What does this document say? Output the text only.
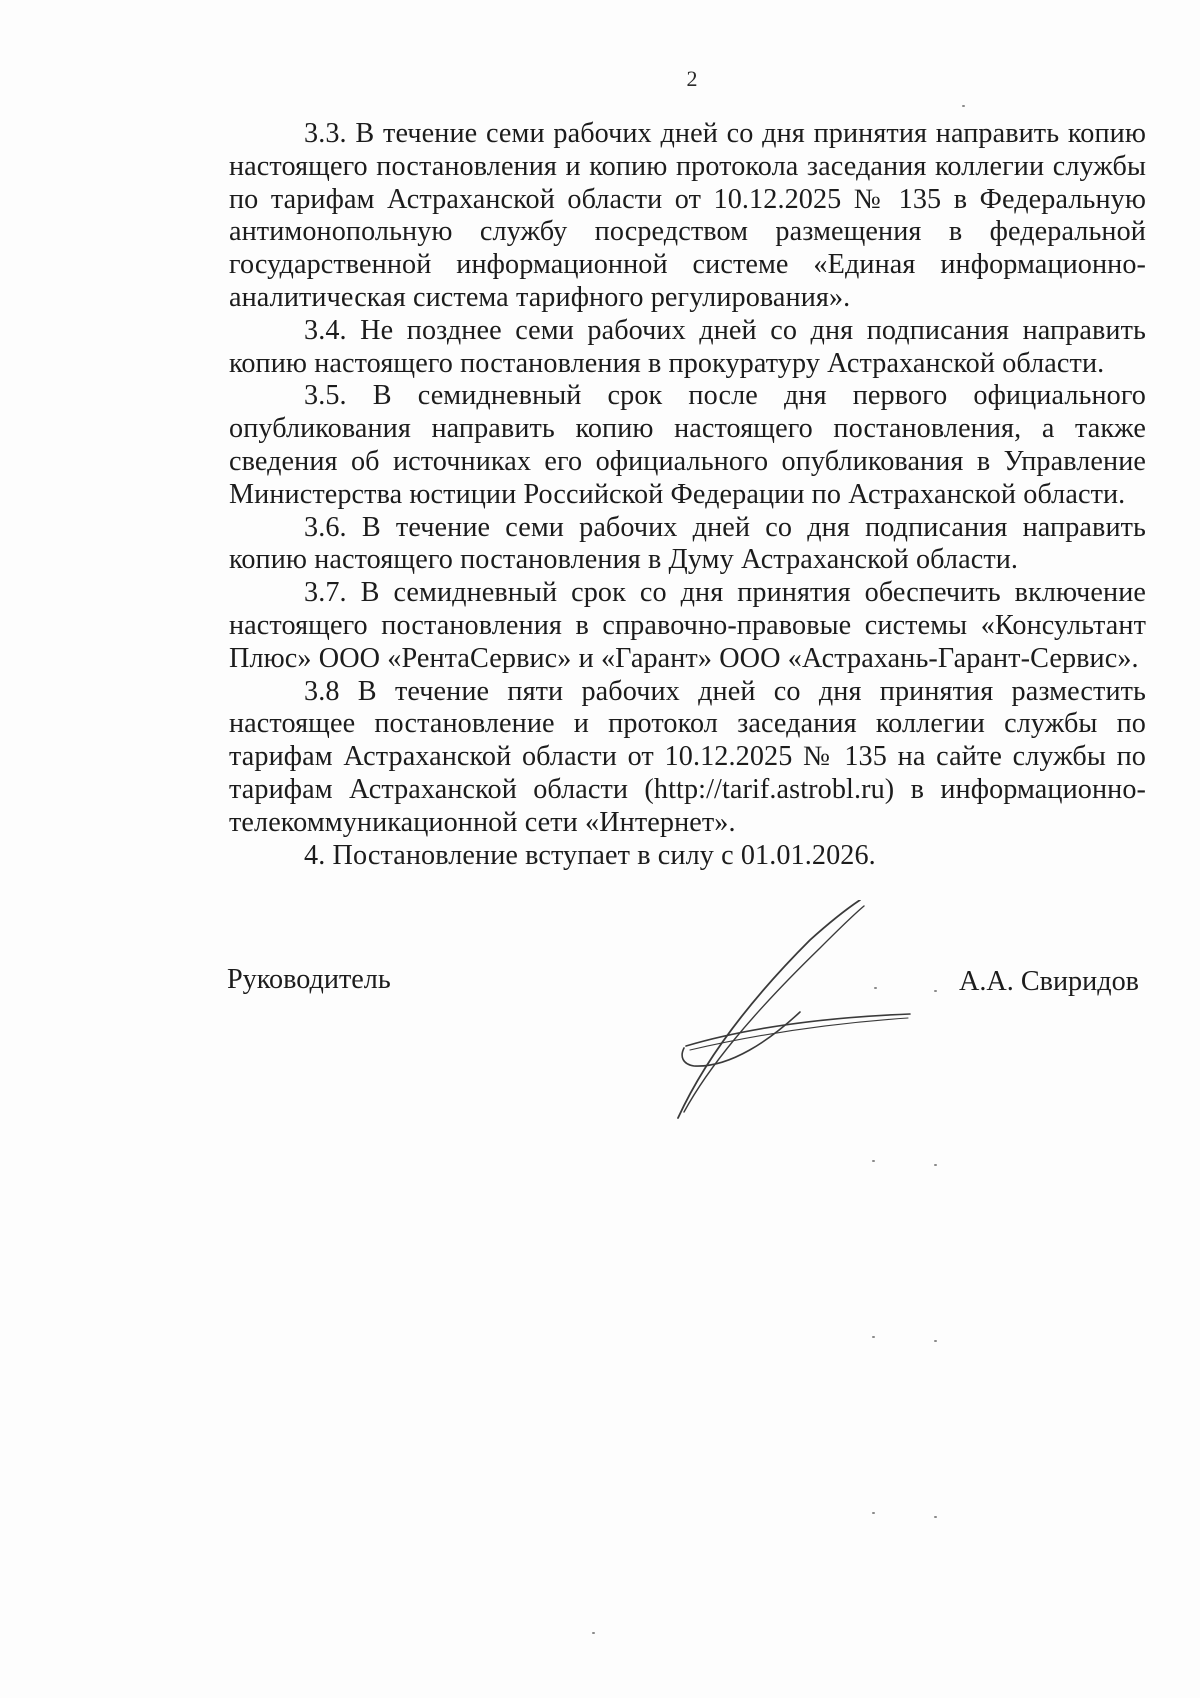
2

3.3. В течение семи рабочих дней со дня принятия направить копию настоящего постановления и копию протокола заседания коллегии службы по тарифам Астраханской области от 10.12.2025 № 135 в Федеральную антимонопольную службу посредством размещения в федеральной государственной информационной системе «Единая информационно-аналитическая система тарифного регулирования».

3.4. Не позднее семи рабочих дней со дня подписания направить копию настоящего постановления в прокуратуру Астраханской области.

3.5. В семидневный срок после дня первого официального опубликования направить копию настоящего постановления, а также сведения об источниках его официального опубликования в Управление Министерства юстиции Российской Федерации по Астраханской области.

3.6. В течение семи рабочих дней со дня подписания направить копию настоящего постановления в Думу Астраханской области.

3.7. В семидневный срок со дня принятия обеспечить включение настоящего постановления в справочно-правовые системы «Консультант Плюс» ООО «РентаСервис» и «Гарант» ООО «Астрахань-Гарант-Сервис».

3.8 В течение пяти рабочих дней со дня принятия разместить настоящее постановление и протокол заседания коллегии службы по тарифам Астраханской области от 10.12.2025 № 135 на сайте службы по тарифам Астраханской области (http://tarif.astrobl.ru) в информационно-телекоммуникационной сети «Интернет».

4. Постановление вступает в силу с 01.01.2026.

Руководитель	А.А. Свиридов
